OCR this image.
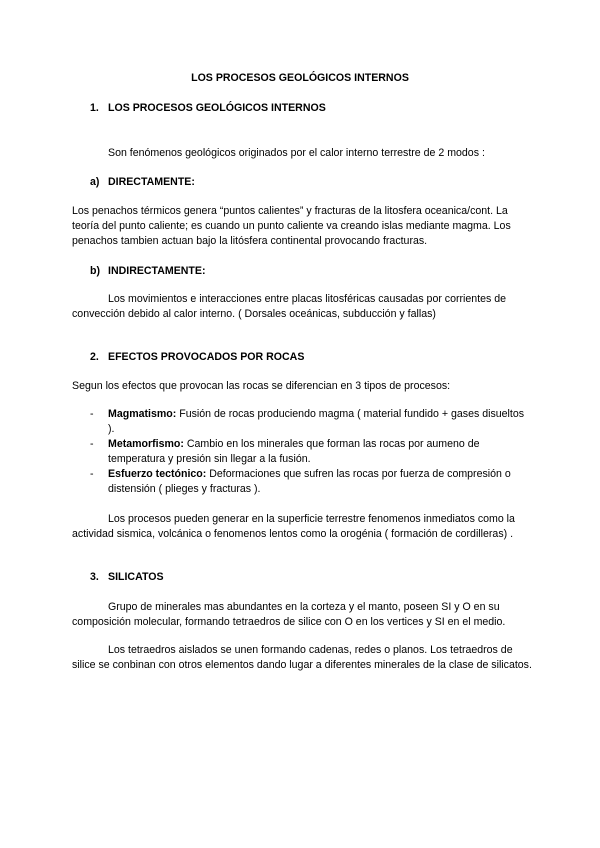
LOS PROCESOS GEOLÓGICOS INTERNOS
1. LOS PROCESOS GEOLÓGICOS INTERNOS

Son fenómenos geológicos originados por el calor interno terrestre de 2 modos :

a) DIRECTAMENTE:

Los penachos térmicos genera “puntos calientes” y fracturas de la litosfera oceanica/cont. La teoría del punto caliente; es cuando un punto caliente va creando islas mediante magma. Los penachos tambien actuan bajo la litósfera continental provocando fracturas.

b) INDIRECTAMENTE:

Los movimientos e interacciones entre placas litosféricas causadas por corrientes de convección debido al calor interno. ( Dorsales oceánicas, subducción y fallas)

2. EFECTOS PROVOCADOS POR ROCAS

Segun los efectos que provocan las rocas se diferencian en 3 tipos de procesos:

- Magmatismo: Fusión de rocas produciendo magma ( material fundido + gases disueltos ).
- Metamorfismo: Cambio en los minerales que forman las rocas por aumeno de temperatura y presión sin llegar a la fusión.
- Esfuerzo tectónico: Deformaciones que sufren las rocas por fuerza de compresión o distensión ( plieges y fracturas ).

Los procesos pueden generar en la superficie terrestre fenomenos inmediatos como la actividad sismica, volcánica o fenomenos lentos como la orogénia ( formación de cordilleras) .

3. SILICATOS

Grupo de minerales mas abundantes en la corteza y el manto, poseen SI y O en su composición molecular, formando tetraedros de silice con O en los vertices y SI en el medio.

Los tetraedros aislados se unen formando cadenas, redes o planos. Los tetraedros de silice se conbinan con otros elementos dando lugar a diferentes minerales de la clase de silicatos.
